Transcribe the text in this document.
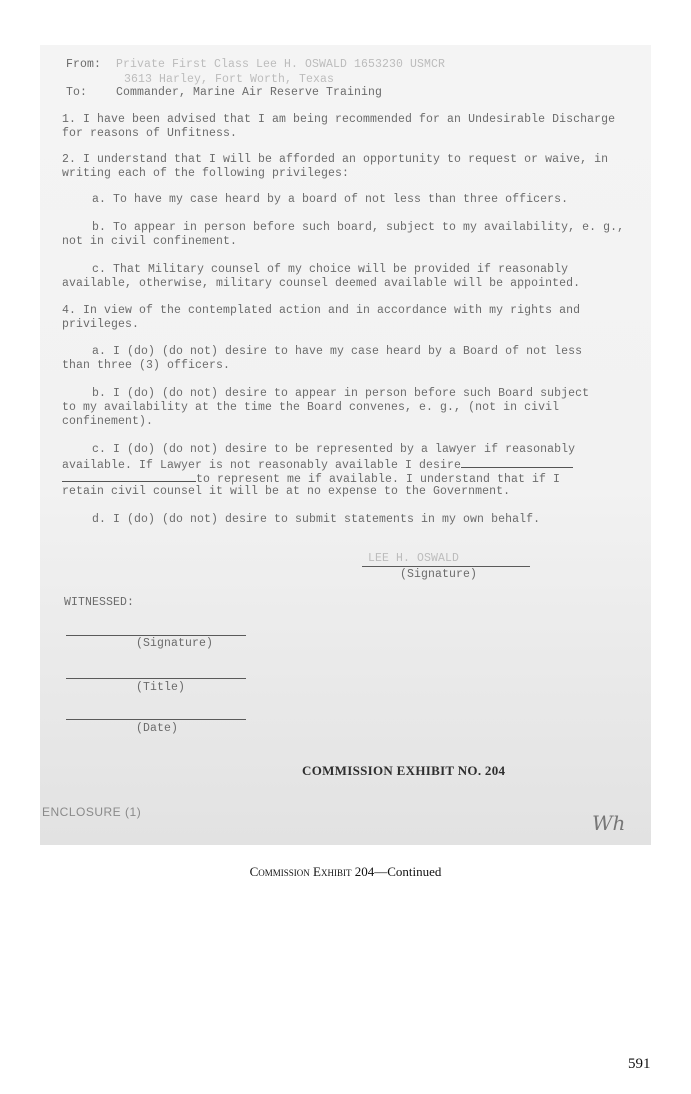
From: Private First Class Lee H. OSWALD 1653230 USMCR
3613 Harley, Fort Worth, Texas
To:	Commander, Marine Air Reserve Training
1. I have been advised that I am being recommended for an Undesirable Discharge
for reasons of Unfitness.
2. I understand that I will be afforded an opportunity to request or waive, in
writing each of the following privileges:
a. To have my case heard by a board of not less than three officers.
b. To appear in person before such board, subject to my availability, e. g.,
not in civil confinement.
c. That Military counsel of my choice will be provided if reasonably
available, otherwise, military counsel deemed available will be appointed.
4. In view of the contemplated action and in accordance with my rights and
privileges.
a. I (do) (do not) desire to have my case heard by a Board of not less
than three (3) officers.
b. I (do) (do not) desire to appear in person before such Board subject
to my availability at the time the Board convenes, e. g., (not in civil
confinement).
c. I (do) (do not) desire to be represented by a lawyer if reasonably
available. If Lawyer is not reasonably available I desire
to represent me if available. I understand that if I
retain civil counsel it will be at no expense to the Government.
d. I (do) (do not) desire to submit statements in my own behalf.
LEE H. OSWALD
(Signature)
WITNESSED:
(Signature)
(Title)
(Date)
COMMISSION EXHIBIT NO. 204
ENCLOSURE (1)	Wh
Commission Exhibit 204—Continued
591
